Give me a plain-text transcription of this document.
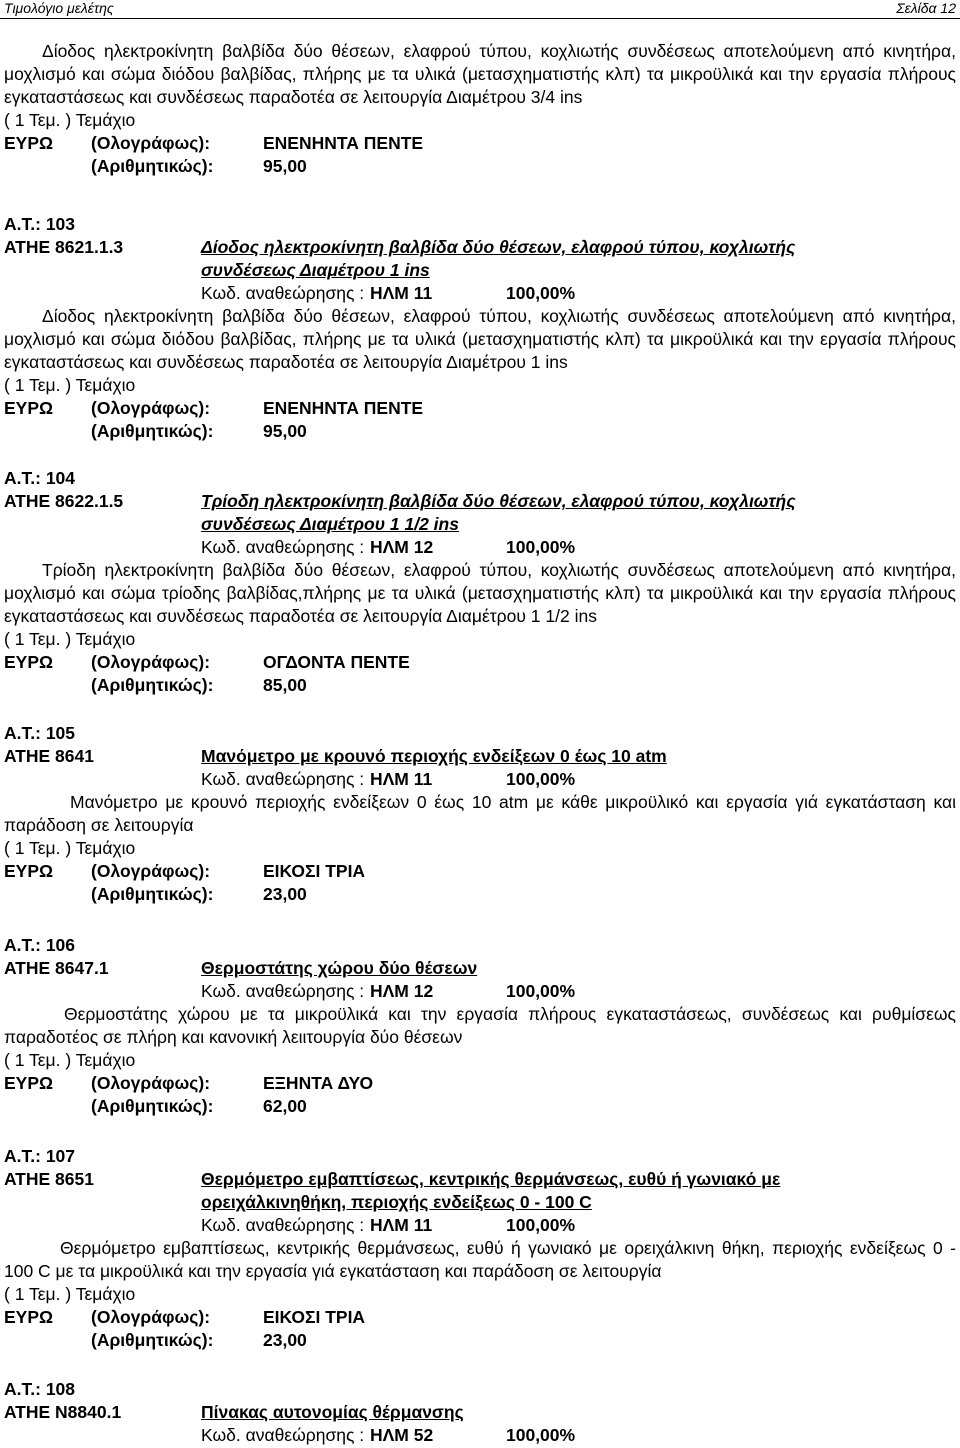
Τιμολόγιο μελέτης	Σελίδα 12

Δίοδος ηλεκτροκίνητη βαλβίδα δύο θέσεων, ελαφρού τύπου, κοχλιωτής συνδέσεως αποτελούμενη από κινητήρα, μοχλισμό και σώμα διόδου βαλβίδας, πλήρης με τα υλικά (μετασχηματιστής κλπ) τα μικροϋλικά και την εργασία πλήρους εγκαταστάσεως και συνδέσεως παραδοτέα σε λειτουργία Διαμέτρου 3/4 ins

( 1 Τεμ. ) Τεμάχιο
ΕΥΡΩ (Ολογράφως):	ΕΝΕΝΗΝΤΑ ΠΕΝΤΕ
(Αριθμητικώς):	95,00
Α.Τ.: 103
ΑΤΗΕ 8621.1.3	Δίοδος ηλεκτροκίνητη βαλβίδα δύο θέσεων, ελαφρού τύπου, κοχλιωτής
συνδέσεως Διαμέτρου 1 ins
Κωδ. αναθεώρησης : ΗΛΜ 11	100,00%

Δίοδος ηλεκτροκίνητη βαλβίδα δύο θέσεων, ελαφρού τύπου, κοχλιωτής συνδέσεως αποτελούμενη από κινητήρα, μοχλισμό και σώμα διόδου βαλβίδας, πλήρης με τα υλικά (μετασχηματιστής κλπ) τα μικροϋλικά και την εργασία πλήρους εγκαταστάσεως και συνδέσεως παραδοτέα σε λειτουργία Διαμέτρου 1 ins

( 1 Τεμ. ) Τεμάχιο
ΕΥΡΩ (Ολογράφως):	ΕΝΕΝΗΝΤΑ ΠΕΝΤΕ
(Αριθμητικώς):	95,00
Α.Τ.: 104
ΑΤΗΕ 8622.1.5	Τρίοδη ηλεκτροκίνητη βαλβίδα δύο θέσεων, ελαφρού τύπου, κοχλιωτής
συνδέσεως Διαμέτρου 1 1/2 ins
Κωδ. αναθεώρησης : ΗΛΜ 12	100,00%

Τρίοδη ηλεκτροκίνητη βαλβίδα δύο θέσεων, ελαφρού τύπου, κοχλιωτής συνδέσεως αποτελούμενη από κινητήρα, μοχλισμό και σώμα τρίοδης βαλβίδας,πλήρης με τα υλικά (μετασχηματιστής κλπ) τα μικροϋλικά και την εργασία πλήρους εγκαταστάσεως και συνδέσεως παραδοτέα σε λειτουργία Διαμέτρου 1 1/2 ins

( 1 Τεμ. ) Τεμάχιο
ΕΥΡΩ (Ολογράφως):	ΟΓΔΟΝΤΑ ΠΕΝΤΕ
(Αριθμητικώς):	85,00
Α.Τ.: 105
ΑΤΗΕ 8641	Μανόμετρο με κρουνό περιοχής ενδείξεων 0 έως 10 atm
Κωδ. αναθεώρησης : ΗΛΜ 11	100,00%

Μανόμετρο με κρουνό περιοχής ενδείξεων 0 έως 10 atm με κάθε μικροϋλικό και εργασία γιά εγκατάσταση και παράδοση σε λειτουργία

( 1 Τεμ. ) Τεμάχιο
ΕΥΡΩ (Ολογράφως):	ΕΙΚΟΣΙ ΤΡΙΑ
(Αριθμητικώς):	23,00
Α.Τ.: 106
ΑΤΗΕ 8647.1	Θερμοστάτης χώρου δύο θέσεων
Κωδ. αναθεώρησης : ΗΛΜ 12	100,00%

Θερμοστάτης χώρου με τα μικροϋλικά και την εργασία πλήρους εγκαταστάσεως, συνδέσεως και ρυθμίσεως παραδοτέος σε πλήρη και κανονική λειιτουργία δύο θέσεων

( 1 Τεμ. ) Τεμάχιο
ΕΥΡΩ (Ολογράφως):	ΕΞΗΝΤΑ ΔΥΟ
(Αριθμητικώς):	62,00
Α.Τ.: 107
ΑΤΗΕ 8651	Θερμόμετρο εμβαπτίσεως, κεντρικής θερμάνσεως, ευθύ ή γωνιακό με
ορειχάλκινηθήκη, περιοχής ενδείξεως 0 - 100 C
Κωδ. αναθεώρησης : ΗΛΜ 11	100,00%

Θερμόμετρο εμβαπτίσεως, κεντρικής θερμάνσεως, ευθύ ή γωνιακό με ορειχάλκινη θήκη, περιοχής ενδείξεως 0 - 100 C με τα μικροϋλικά και την εργασία γιά εγκατάσταση και παράδοση σε λειτουργία

( 1 Τεμ. ) Τεμάχιο
ΕΥΡΩ (Ολογράφως):	ΕΙΚΟΣΙ ΤΡΙΑ
(Αριθμητικώς):	23,00
Α.Τ.: 108
ΑΤΗΕ Ν8840.1	Πίνακας αυτονομίας θέρμανσης
Κωδ. αναθεώρησης : ΗΛΜ 52	100,00%
